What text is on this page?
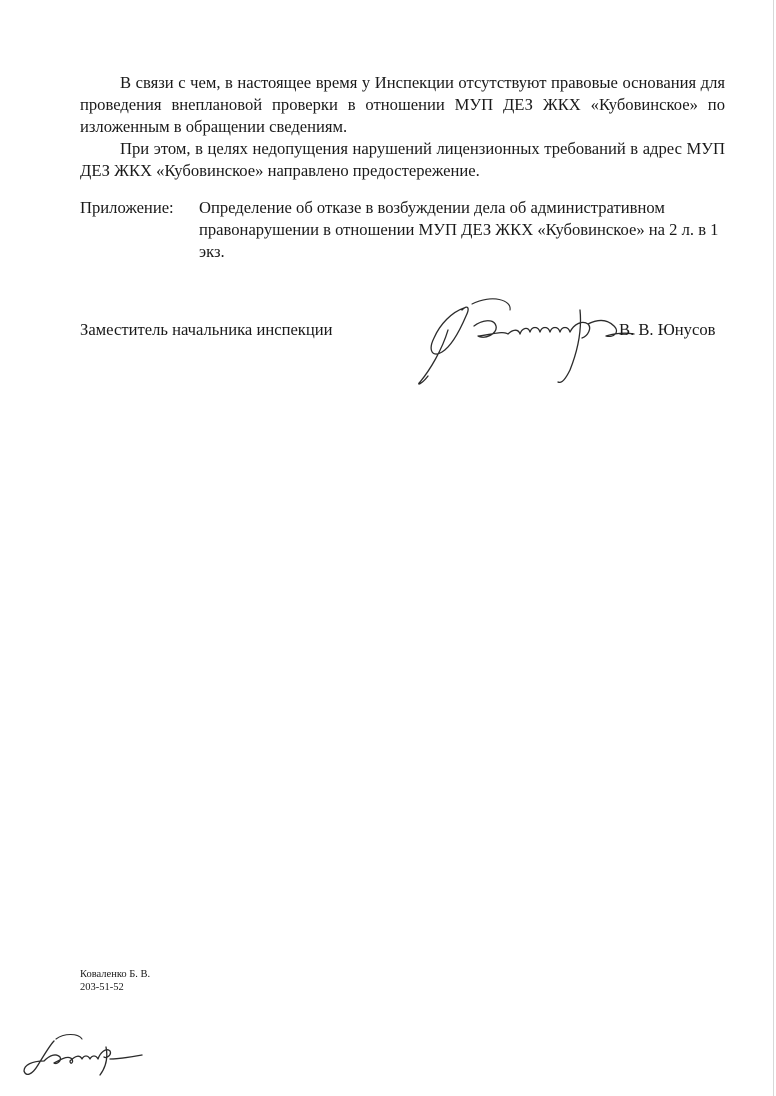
В связи с чем, в настоящее время у Инспекции отсутствуют правовые основания для проведения внеплановой проверки в отношении МУП ДЕЗ ЖКХ «Кубовинское» по изложенным в обращении сведениям.

При этом, в целях недопущения нарушений лицензионных требований в адрес МУП ДЕЗ ЖКХ «Кубовинское» направлено предостережение.

Приложение: Определение об отказе в возбуждении дела об административном правонарушении в отношении МУП ДЕЗ ЖКХ «Кубовинское» на 2 л. в 1 экз.

Заместитель начальника инспекции	В. В. Юнусов

Коваленко Б. В.
203-51-52
